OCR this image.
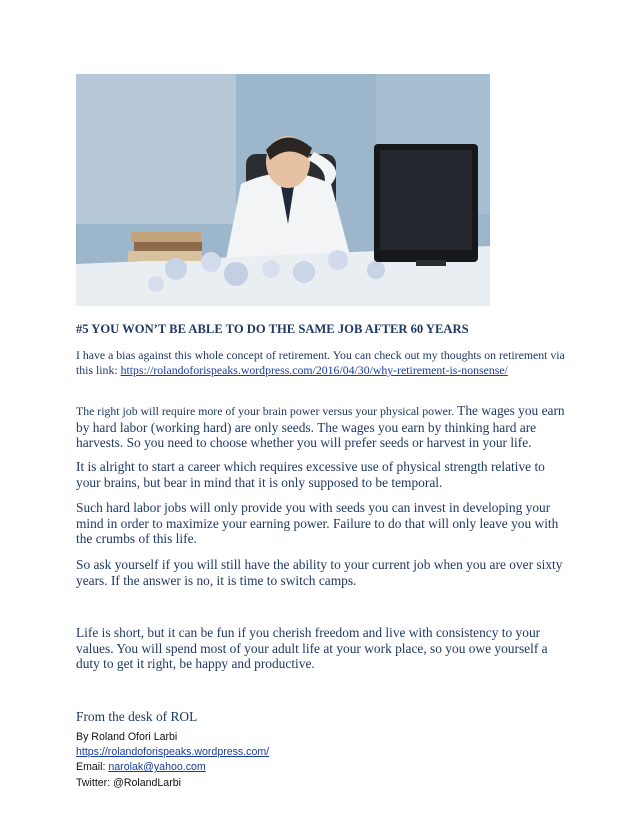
#5 YOU WON’T BE ABLE TO DO THE SAME JOB AFTER 60 YEARS

I have a bias against this whole concept of retirement. You can check out my thoughts on retirement via this link: https://rolandoforispeaks.wordpress.com/2016/04/30/why-retirement-is-nonsense/

The right job will require more of your brain power versus your physical power. The wages you earn by hard labor (working hard) are only seeds. The wages you earn by thinking hard are harvests. So you need to choose whether you will prefer seeds or harvest in your life.

It is alright to start a career which requires excessive use of physical strength relative to your brains, but bear in mind that it is only supposed to be temporal.

Such hard labor jobs will only provide you with seeds you can invest in developing your mind in order to maximize your earning power. Failure to do that will only leave you with the crumbs of this life.

So ask yourself if you will still have the ability to your current job when you are over sixty years. If the answer is no, it is time to switch camps.

Life is short, but it can be fun if you cherish freedom and live with consistency to your values. You will spend most of your adult life at your work place, so you owe yourself a duty to get it right, be happy and productive.

From the desk of ROL

By Roland Ofori Larbi
https://rolandoforispeaks.wordpress.com/
Email: narolak@yahoo.com
Twitter: @RolandLarbi
